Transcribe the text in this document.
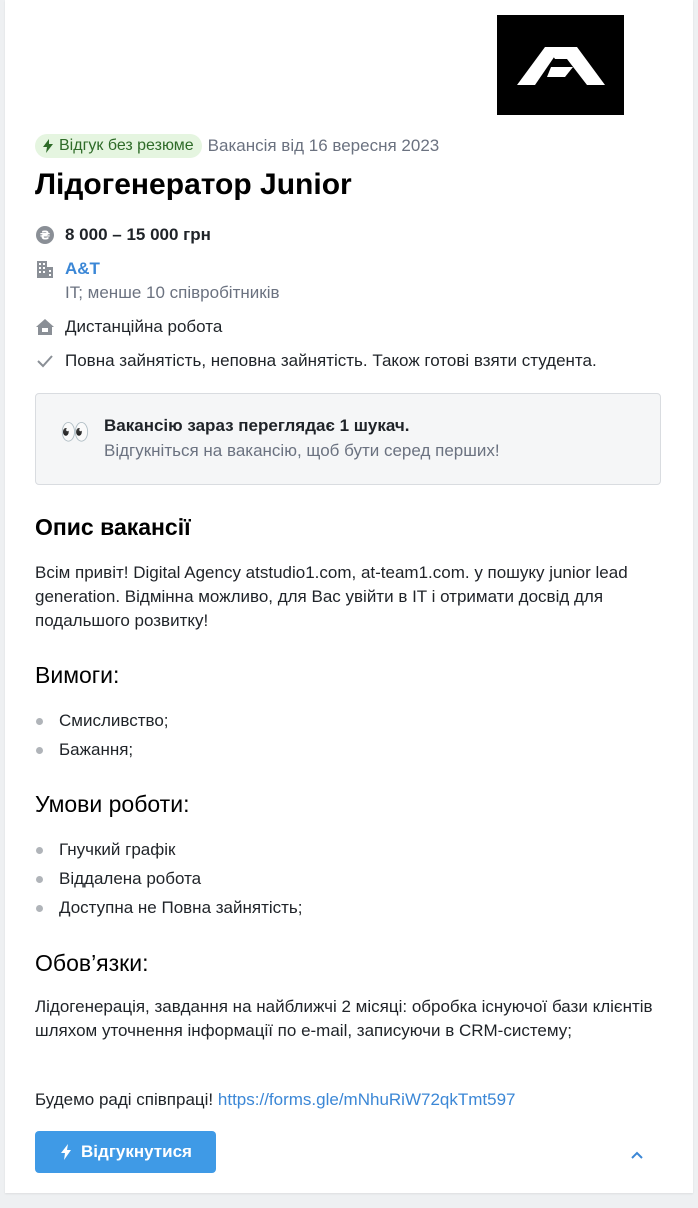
Відгук без резюме Вакансія від 16 вересня 2023
Лідогенератор Junior
₴ 8 000 – 15 000 грн
A&T
IT; менше 10 співробітників
Дистанційна робота
Повна зайнятість, неповна зайнятість. Також готові взяти студента.
👀 Вакансію зараз переглядає 1 шукач.
Відгукніться на вакансію, щоб бути серед перших!
Опис вакансії

Всім привіт! Digital Agency atstudio1.com, at-team1.com. у пошуку junior lead generation. Відмінна можливо, для Вас увійти в IT і отримати досвід для подальшого розвитку!

Вимоги:
Смисливство;
Бажання;
Умови роботи:
Гнучкий графік
Віддалена робота
Доступна не Повна зайнятість;
Обов’язки:

Лідогенерація, завдання на найближчі 2 місяці: обробка існуючої бази клієнтів шляхом уточнення інформації по e-mail, записуючи в CRM-систему;

Будемо раді співпраці! https://forms.gle/mNhuRiW72qkTmt597

Відгукнутися
